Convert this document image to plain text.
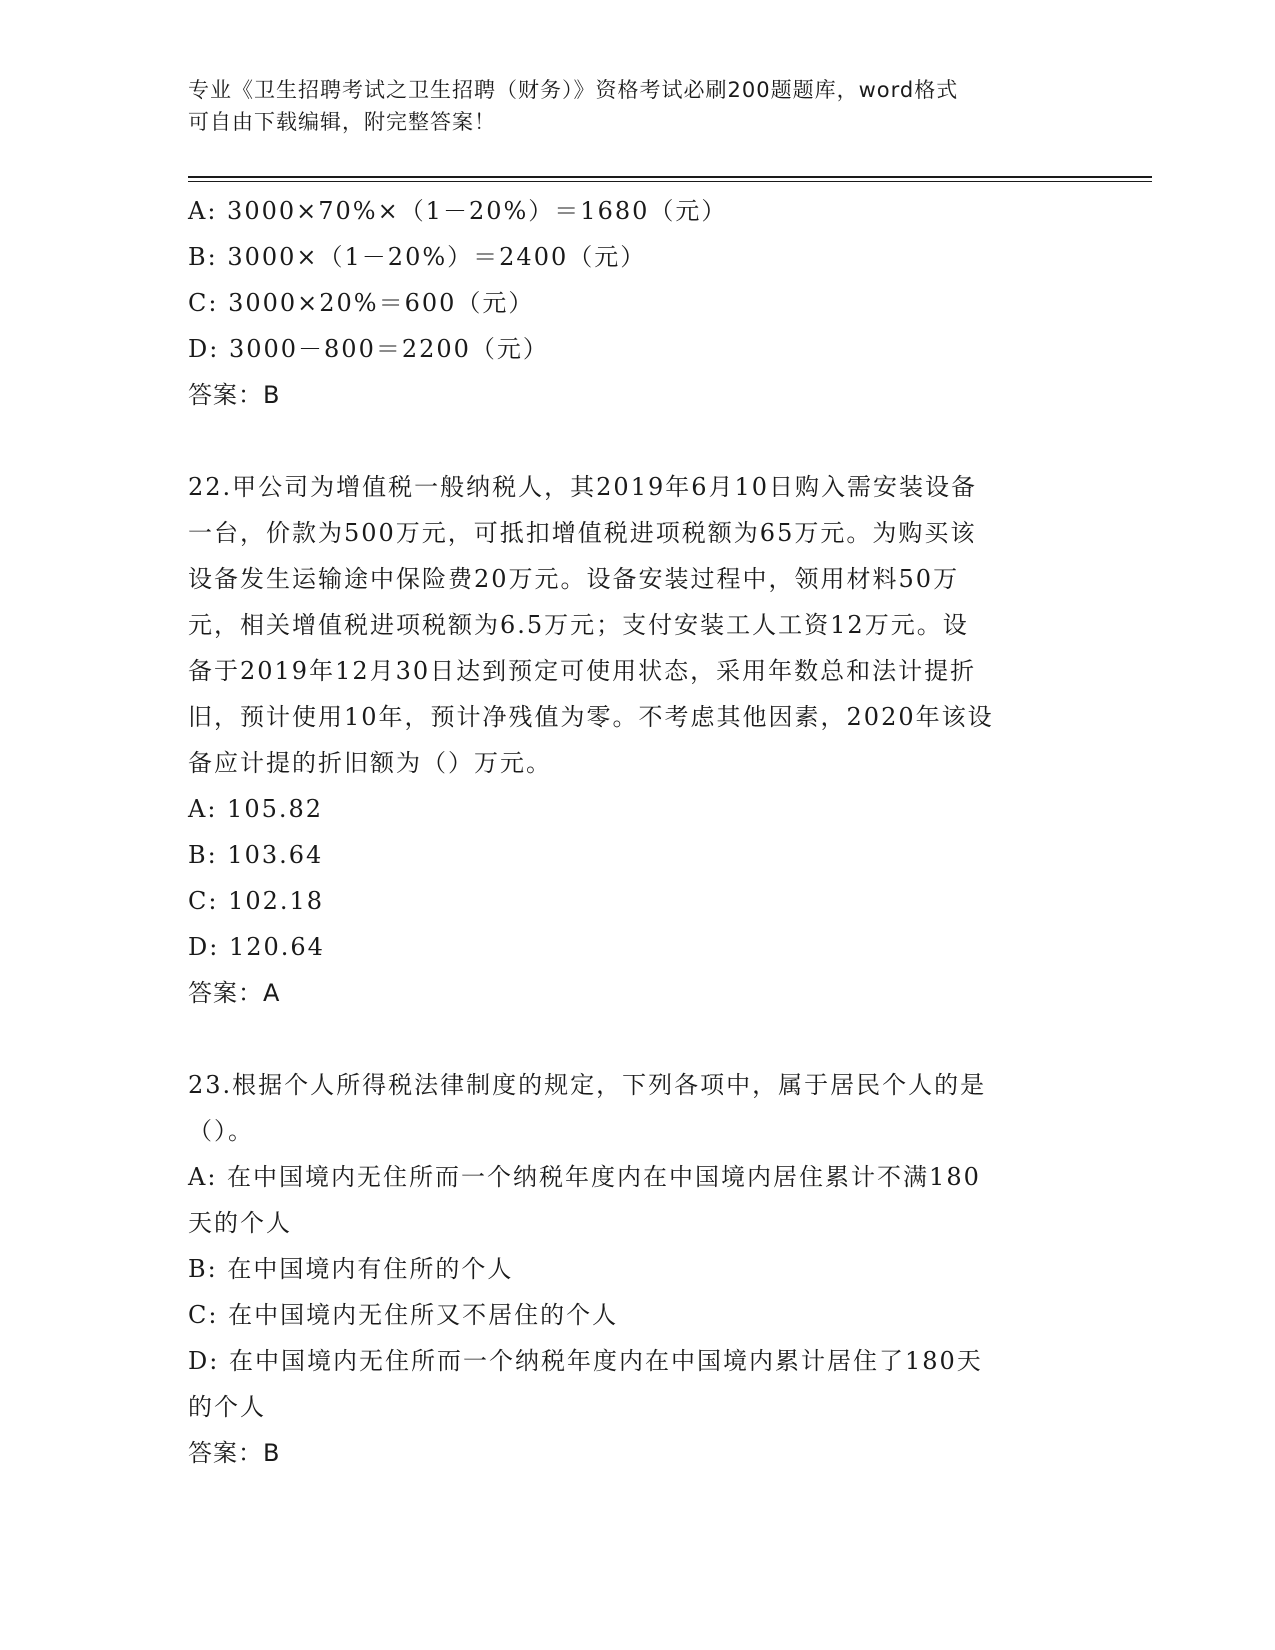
专业《卫生招聘考试之卫生招聘（财务）》资格考试必刷200题题库，word格式
可自由下载编辑，附完整答案！
A: 3000×70%×（1－20%）＝1680（元）
B: 3000×（1－20%）＝2400（元）
C: 3000×20%＝600（元）
D: 3000－800＝2200（元）
答案：B
22.甲公司为增值税一般纳税人，其2019年6月10日购入需安装设备
一台，价款为500万元，可抵扣增值税进项税额为65万元。为购买该
设备发生运输途中保险费20万元。设备安装过程中，领用材料50万
元，相关增值税进项税额为6.5万元；支付安装工人工资12万元。设
备于2019年12月30日达到预定可使用状态，采用年数总和法计提折
旧，预计使用10年，预计净残值为零。不考虑其他因素，2020年该设
备应计提的折旧额为（）万元。
A: 105.82
B: 103.64
C: 102.18
D: 120.64
答案：A
23.根据个人所得税法律制度的规定，下列各项中，属于居民个人的是
（）。
A: 在中国境内无住所而一个纳税年度内在中国境内居住累计不满180
天的个人
B: 在中国境内有住所的个人
C: 在中国境内无住所又不居住的个人
D: 在中国境内无住所而一个纳税年度内在中国境内累计居住了180天
的个人
答案：B
